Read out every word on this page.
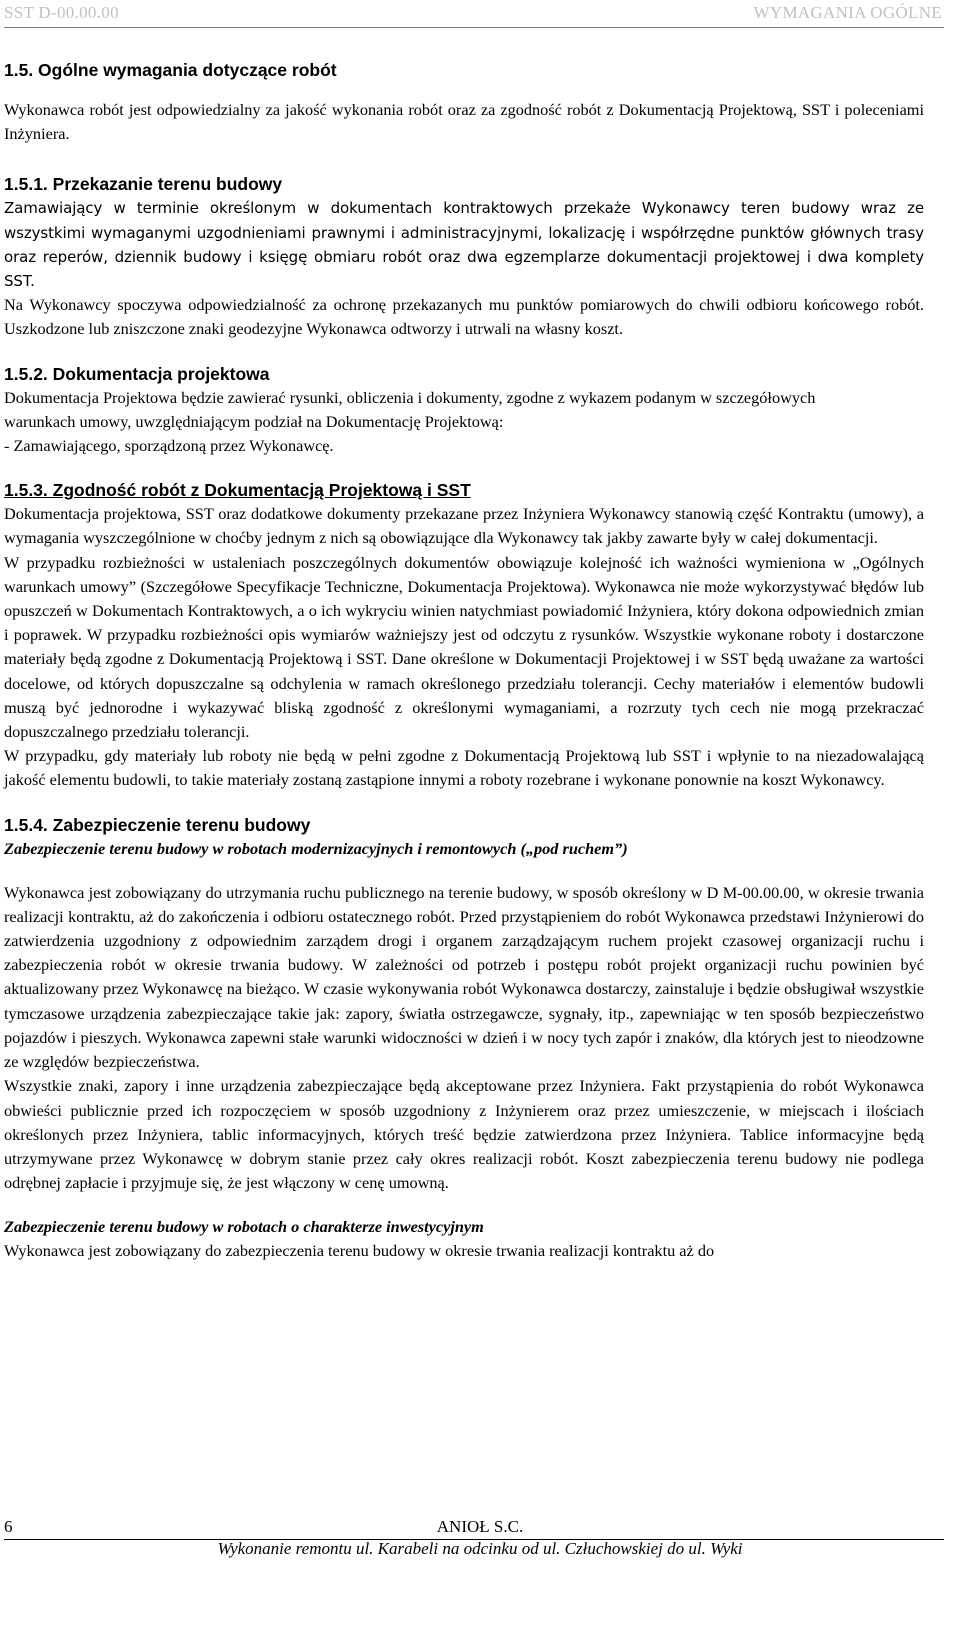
SST D-00.00.00	WYMAGANIA OGÓLNE
1.5. Ogólne wymagania dotyczące robót

Wykonawca robót jest odpowiedzialny za jakość wykonania robót oraz za zgodność robót z Dokumentacją Projektową, SST i poleceniami Inżyniera.

1.5.1. Przekazanie terenu budowy

Zamawiający w terminie określonym w dokumentach kontraktowych przekaże Wykonawcy teren budowy wraz ze wszystkimi wymaganymi uzgodnieniami prawnymi i administracyjnymi, lokalizację i współrzędne punktów głównych trasy oraz reperów, dziennik budowy i księgę obmiaru robót oraz dwa egzemplarze dokumentacji projektowej i dwa komplety SST.

Na Wykonawcy spoczywa odpowiedzialność za ochronę przekazanych mu punktów pomiarowych do chwili odbioru końcowego robót. Uszkodzone lub zniszczone znaki geodezyjne Wykonawca odtworzy i utrwali na własny koszt.

1.5.2. Dokumentacja projektowa

Dokumentacja Projektowa będzie zawierać rysunki, obliczenia i dokumenty, zgodne z wykazem podanym w szczegółowych

warunkach umowy, uwzględniającym podział na Dokumentację Projektową:

- Zamawiającego, sporządzoną przez Wykonawcę.

1.5.3. Zgodność robót z Dokumentacją Projektową i SST

Dokumentacja projektowa, SST oraz dodatkowe dokumenty przekazane przez Inżyniera Wykonawcy stanowią część Kontraktu (umowy), a wymagania wyszczególnione w choćby jednym z nich są obowiązujące dla Wykonawcy tak jakby zawarte były w całej dokumentacji.

W przypadku rozbieżności w ustaleniach poszczególnych dokumentów obowiązuje kolejność ich ważności wymieniona w „Ogólnych warunkach umowy” (Szczegółowe Specyfikacje Techniczne, Dokumentacja Projektowa). Wykonawca nie może wykorzystywać błędów lub opuszczeń w Dokumentach Kontraktowych, a o ich wykryciu winien natychmiast powiadomić Inżyniera, który dokona odpowiednich zmian i poprawek. W przypadku rozbieżności opis wymiarów ważniejszy jest od odczytu z rysunków. Wszystkie wykonane roboty i dostarczone materiały będą zgodne z Dokumentacją Projektową i SST. Dane określone w Dokumentacji Projektowej i w SST będą uważane za wartości docelowe, od których dopuszczalne są odchylenia w ramach określonego przedziału tolerancji. Cechy materiałów i elementów budowli muszą być jednorodne i wykazywać bliską zgodność z określonymi wymaganiami, a rozrzuty tych cech nie mogą przekraczać dopuszczalnego przedziału tolerancji.

W przypadku, gdy materiały lub roboty nie będą w pełni zgodne z Dokumentacją Projektową lub SST i wpłynie to na niezadowalającą jakość elementu budowli, to takie materiały zostaną zastąpione innymi a roboty rozebrane i wykonane ponownie na koszt Wykonawcy.

1.5.4. Zabezpieczenie terenu budowy

Zabezpieczenie terenu budowy w robotach modernizacyjnych i remontowych („pod ruchem”)

Wykonawca jest zobowiązany do utrzymania ruchu publicznego na terenie budowy, w sposób określony w D M-00.00.00, w okresie trwania realizacji kontraktu, aż do zakończenia i odbioru ostatecznego robót. Przed przystąpieniem do robót Wykonawca przedstawi Inżynierowi do zatwierdzenia uzgodniony z odpowiednim zarządem drogi i organem zarządzającym ruchem projekt czasowej organizacji ruchu i zabezpieczenia robót w okresie trwania budowy. W zależności od potrzeb i postępu robót projekt organizacji ruchu powinien być aktualizowany przez Wykonawcę na bieżąco. W czasie wykonywania robót Wykonawca dostarczy, zainstaluje i będzie obsługiwał wszystkie tymczasowe urządzenia zabezpieczające takie jak: zapory, światła ostrzegawcze, sygnały, itp., zapewniając w ten sposób bezpieczeństwo pojazdów i pieszych. Wykonawca zapewni stałe warunki widoczności w dzień i w nocy tych zapór i znaków, dla których jest to nieodzowne ze względów bezpieczeństwa.

Wszystkie znaki, zapory i inne urządzenia zabezpieczające będą akceptowane przez Inżyniera. Fakt przystąpienia do robót Wykonawca obwieści publicznie przed ich rozpoczęciem w sposób uzgodniony z Inżynierem oraz przez umieszczenie, w miejscach i ilościach określonych przez Inżyniera, tablic informacyjnych, których treść będzie zatwierdzona przez Inżyniera. Tablice informacyjne będą utrzymywane przez Wykonawcę w dobrym stanie przez cały okres realizacji robót. Koszt zabezpieczenia terenu budowy nie podlega odrębnej zapłacie i przyjmuje się, że jest włączony w cenę umowną.

Zabezpieczenie terenu budowy w robotach o charakterze inwestycyjnym

Wykonawca jest zobowiązany do zabezpieczenia terenu budowy w okresie trwania realizacji kontraktu aż do

6	ANIOŁ S.C.
Wykonanie remontu ul. Karabeli na odcinku od ul. Człuchowskiej do ul. Wyki
